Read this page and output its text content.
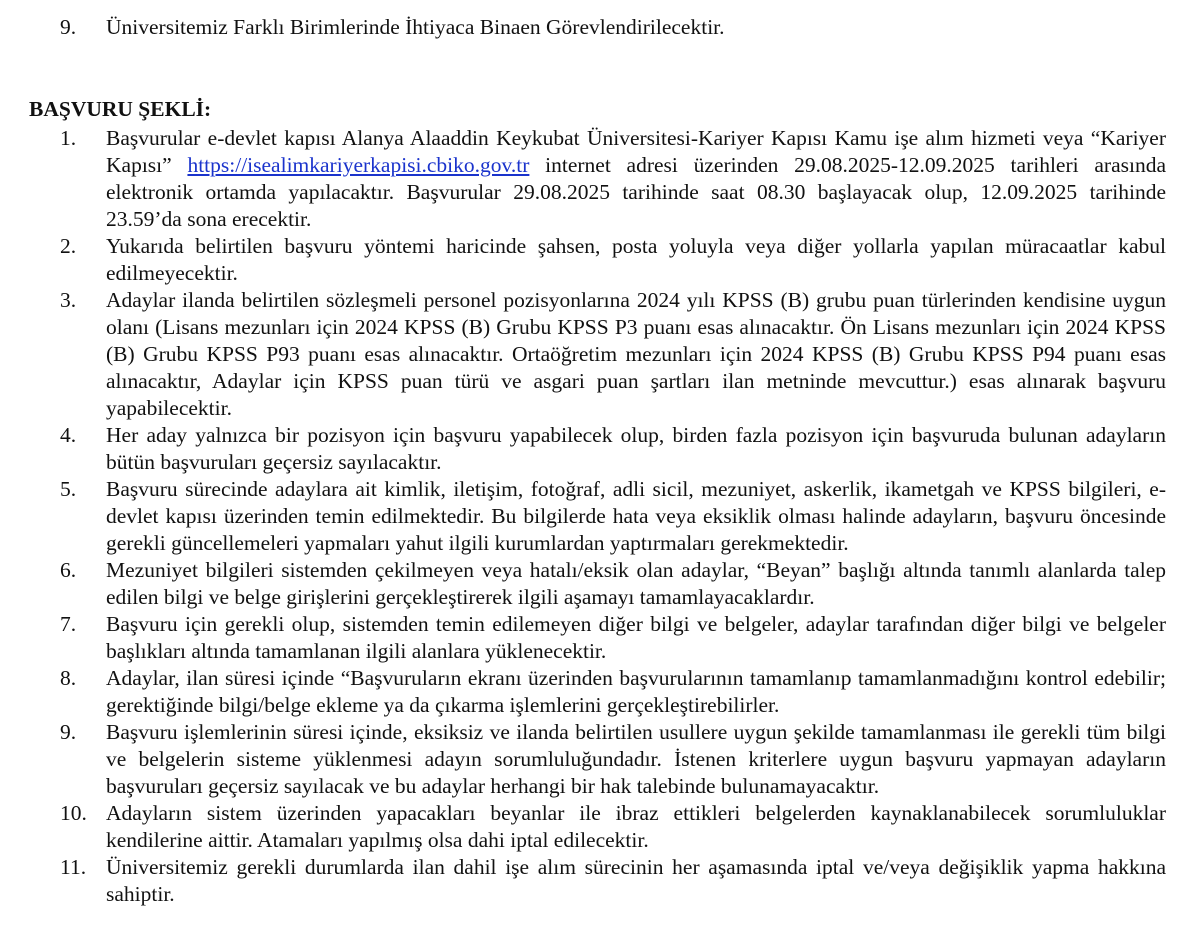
9.	Üniversitemiz Farklı Birimlerinde İhtiyaca Binaen Görevlendirilecektir.
BAŞVURU ŞEKLİ:
1.	Başvurular e-devlet kapısı Alanya Alaaddin Keykubat Üniversitesi-Kariyer Kapısı Kamu işe alım hizmeti veya “Kariyer Kapısı” https://isealimkariyerkapisi.cbiko.gov.tr internet adresi üzerinden 29.08.2025-12.09.2025 tarihleri arasında elektronik ortamda yapılacaktır. Başvurular 29.08.2025 tarihinde saat 08.30 başlayacak olup, 12.09.2025 tarihinde 23.59’da sona erecektir.
2.	Yukarıda belirtilen başvuru yöntemi haricinde şahsen, posta yoluyla veya diğer yollarla yapılan müracaatlar kabul edilmeyecektir.
3.	Adaylar ilanda belirtilen sözleşmeli personel pozisyonlarına 2024 yılı KPSS (B) grubu puan türlerinden kendisine uygun olanı (Lisans mezunları için 2024 KPSS (B) Grubu KPSS P3 puanı esas alınacaktır. Ön Lisans mezunları için 2024 KPSS (B) Grubu KPSS P93 puanı esas alınacaktır. Ortaöğretim mezunları için 2024 KPSS (B) Grubu KPSS P94 puanı esas alınacaktır, Adaylar için KPSS puan türü ve asgari puan şartları ilan metninde mevcuttur.) esas alınarak başvuru yapabilecektir.
4.	Her aday yalnızca bir pozisyon için başvuru yapabilecek olup, birden fazla pozisyon için başvuruda bulunan adayların bütün başvuruları geçersiz sayılacaktır.
5.	Başvuru sürecinde adaylara ait kimlik, iletişim, fotoğraf, adli sicil, mezuniyet, askerlik, ikametgah ve KPSS bilgileri, e-devlet kapısı üzerinden temin edilmektedir. Bu bilgilerde hata veya eksiklik olması halinde adayların, başvuru öncesinde gerekli güncellemeleri yapmaları yahut ilgili kurumlardan yaptırmaları gerekmektedir.
6.	Mezuniyet bilgileri sistemden çekilmeyen veya hatalı/eksik olan adaylar, “Beyan” başlığı altında tanımlı alanlarda talep edilen bilgi ve belge girişlerini gerçekleştirerek ilgili aşamayı tamamlayacaklardır.
7.	Başvuru için gerekli olup, sistemden temin edilemeyen diğer bilgi ve belgeler, adaylar tarafından diğer bilgi ve belgeler başlıkları altında tamamlanan ilgili alanlara yüklenecektir.
8.	Adaylar, ilan süresi içinde “Başvuruların ekranı üzerinden başvurularının tamamlanıp tamamlanmadığını kontrol edebilir; gerektiğinde bilgi/belge ekleme ya da çıkarma işlemlerini gerçekleştirebilirler.
9.	Başvuru işlemlerinin süresi içinde, eksiksiz ve ilanda belirtilen usullere uygun şekilde tamamlanması ile gerekli tüm bilgi ve belgelerin sisteme yüklenmesi adayın sorumluluğundadır. İstenen kriterlere uygun başvuru yapmayan adayların başvuruları geçersiz sayılacak ve bu adaylar herhangi bir hak talebinde bulunamayacaktır.
10. Adayların sistem üzerinden yapacakları beyanlar ile ibraz ettikleri belgelerden kaynaklanabilecek sorumluluklar kendilerine aittir. Atamaları yapılmış olsa dahi iptal edilecektir.
11. Üniversitemiz gerekli durumlarda ilan dahil işe alım sürecinin her aşamasında iptal ve/veya değişiklik yapma hakkına sahiptir.
